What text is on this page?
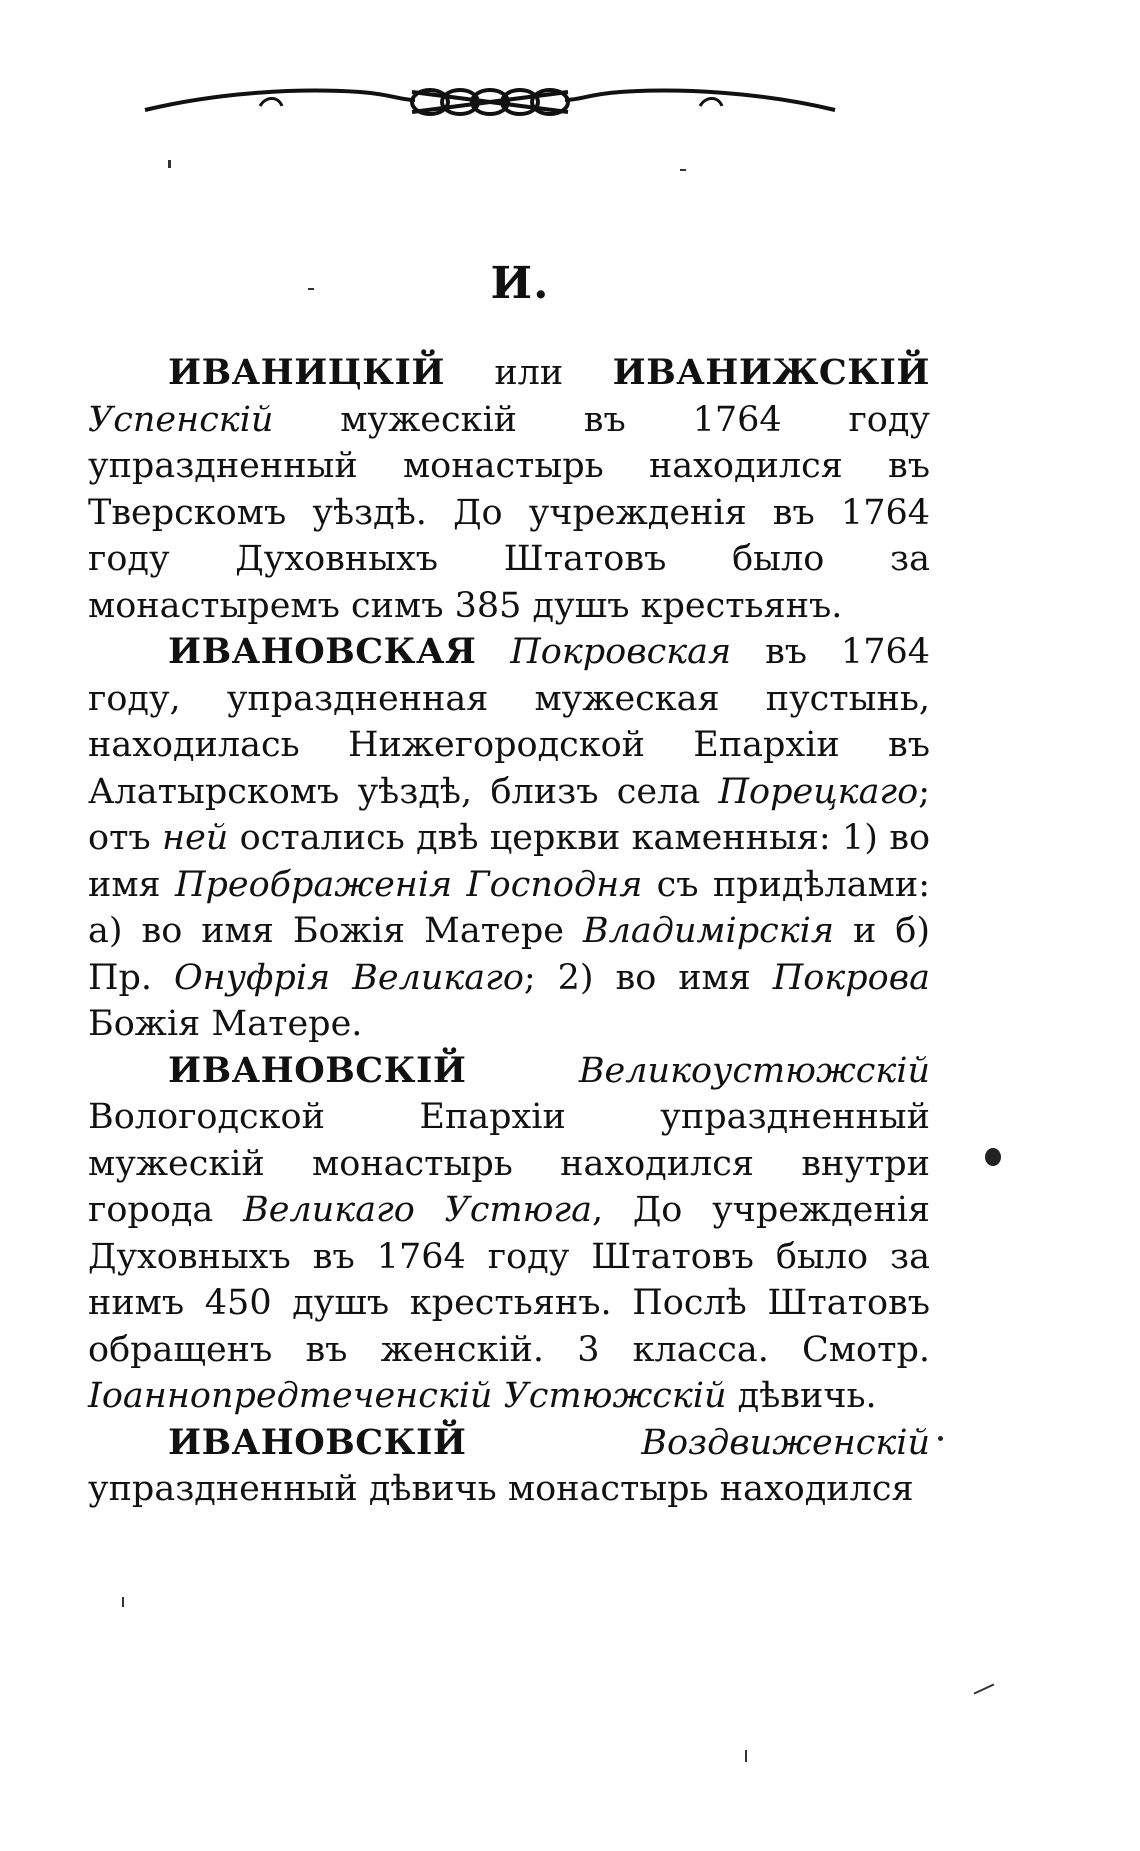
И.

ИВАНИЦКІЙ или ИВАНИЖСКІЙ Успенскій мужескій въ 1764 году упраздненный монастырь находился въ Тверскомъ уѣздѣ. До учрежденія въ 1764 году Духовныхъ Штатовъ было за монастыремъ симъ 385 душъ крестьянъ.

ИВАНОВСКАЯ Покровская въ 1764 году, упраздненная мужеская пустынь, находилась Нижегородской Епархіи въ Алатырскомъ уѣздѣ, близъ села Порецкаго; отъ ней остались двѣ церкви каменныя: 1) во имя Преображенія Господня съ придѣлами: а) во имя Божія Матере Владимірскія и б) Пр. Онуфрія Великаго; 2) во имя Покрова Божія Матере.

ИВАНОВСКІЙ Великоустюжскій Вологодской Епархіи упраздненный мужескій монастырь находился внутри города Великаго Устюга, До учрежденія Духовныхъ въ 1764 году Штатовъ было за нимъ 450 душъ крестьянъ. Послѣ Штатовъ обращенъ въ женскій. 3 класса. Смотр. Іоаннопредтеченскій Устюжскій дѣвичь.

ИВАНОВСКІЙ Воздвиженскій упраздненный дѣвичь монастырь находился
